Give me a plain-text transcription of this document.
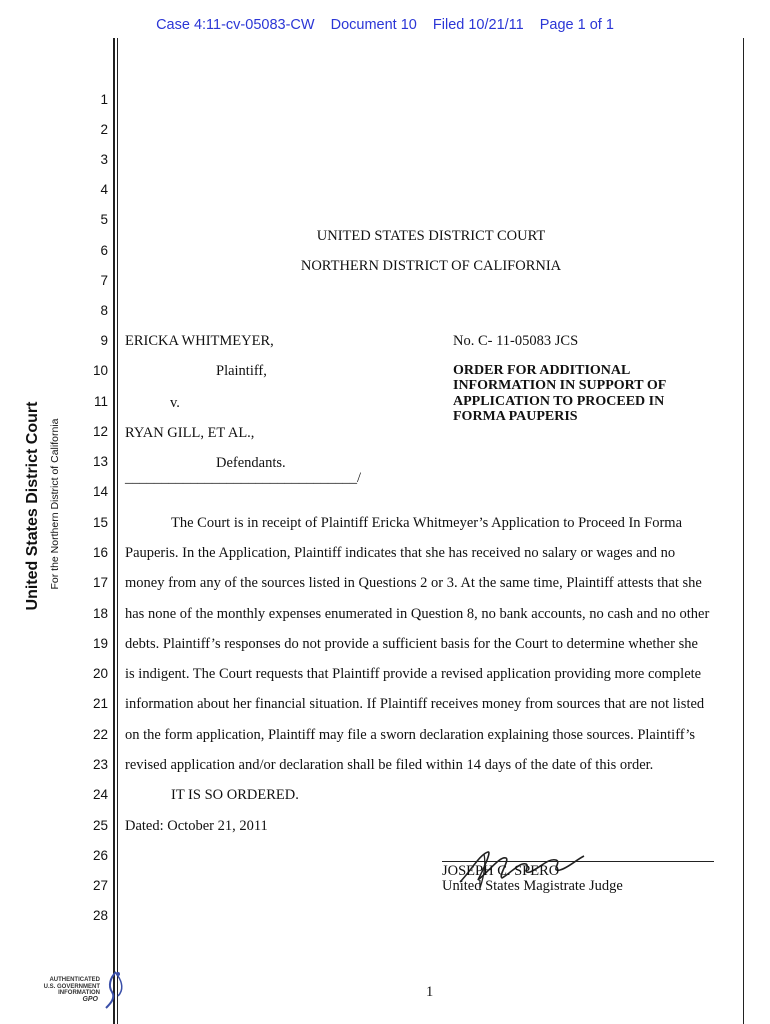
Case 4:11-cv-05083-CW Document 10 Filed 10/21/11 Page 1 of 1
United States District Court For the Northern District of California
1
2
3
4
5
6
7
8
9
10
11
12
13
14
15
16
17
18
19
20
21
22
23
24
25
26
27
28
UNITED STATES DISTRICT COURT
NORTHERN DISTRICT OF CALIFORNIA
ERICKA WHITMEYER,
Plaintiff,
v.
RYAN GILL, ET AL.,
Defendants.
________________________________/
No. C- 11-05083 JCS
ORDER FOR ADDITIONAL
INFORMATION IN SUPPORT OF
APPLICATION TO PROCEED IN
FORMA PAUPERIS
The Court is in receipt of Plaintiff Ericka Whitmeyer’s Application to Proceed In Forma
Pauperis. In the Application, Plaintiff indicates that she has received no salary or wages and no
money from any of the sources listed in Questions 2 or 3. At the same time, Plaintiff attests that she
has none of the monthly expenses enumerated in Question 8, no bank accounts, no cash and no other
debts. Plaintiff’s responses do not provide a sufficient basis for the Court to determine whether she
is indigent. The Court requests that Plaintiff provide a revised application providing more complete
information about her financial situation. If Plaintiff receives money from sources that are not listed
on the form application, Plaintiff may file a sworn declaration explaining those sources. Plaintiff’s
revised application and/or declaration shall be filed within 14 days of the date of this order.
IT IS SO ORDERED.
Dated: October 21, 2011
JOSEPH C. SPERO
United States Magistrate Judge
1
AUTHENTICATED
U.S. GOVERNMENT
INFORMATION
GPO
